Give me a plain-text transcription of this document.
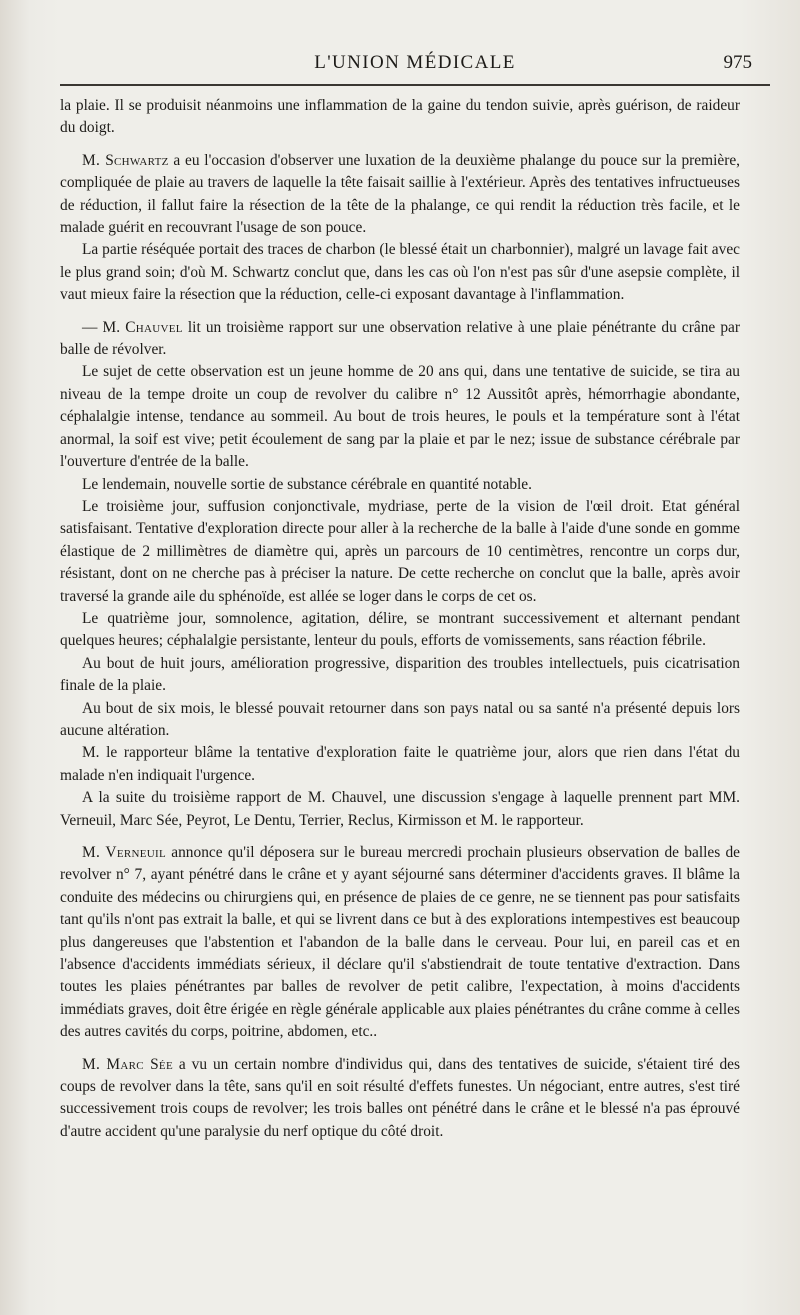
L'UNION MÉDICALE	975

la plaie. Il se produisit néanmoins une inflammation de la gaine du tendon suivie, après guérison, de raideur du doigt.

M. Schwartz a eu l'occasion d'observer une luxation de la deuxième phalange du pouce sur la première, compliquée de plaie au travers de laquelle la tête faisait saillie à l'extérieur. Après des tentatives infructueuses de réduction, il fallut faire la résection de la tête de la phalange, ce qui rendit la réduction très facile, et le malade guérit en recouvrant l'usage de son pouce.

La partie réséquée portait des traces de charbon (le blessé était un charbonnier), malgré un lavage fait avec le plus grand soin; d'où M. Schwartz conclut que, dans les cas où l'on n'est pas sûr d'une asepsie complète, il vaut mieux faire la résection que la réduction, celle-ci exposant davantage à l'inflammation.

— M. Chauvel lit un troisième rapport sur une observation relative à une plaie pénétrante du crâne par balle de révolver.

Le sujet de cette observation est un jeune homme de 20 ans qui, dans une tentative de suicide, se tira au niveau de la tempe droite un coup de revolver du calibre n° 12 Aussitôt après, hémorrhagie abondante, céphalalgie intense, tendance au sommeil. Au bout de trois heures, le pouls et la température sont à l'état anormal, la soif est vive; petit écoulement de sang par la plaie et par le nez; issue de substance cérébrale par l'ouverture d'entrée de la balle.

Le lendemain, nouvelle sortie de substance cérébrale en quantité notable.

Le troisième jour, suffusion conjonctivale, mydriase, perte de la vision de l'œil droit. Etat général satisfaisant. Tentative d'exploration directe pour aller à la recherche de la balle à l'aide d'une sonde en gomme élastique de 2 millimètres de diamètre qui, après un parcours de 10 centimètres, rencontre un corps dur, résistant, dont on ne cherche pas à préciser la nature. De cette recherche on conclut que la balle, après avoir traversé la grande aile du sphénoïde, est allée se loger dans le corps de cet os.

Le quatrième jour, somnolence, agitation, délire, se montrant successivement et alternant pendant quelques heures; céphalalgie persistante, lenteur du pouls, efforts de vomissements, sans réaction fébrile.

Au bout de huit jours, amélioration progressive, disparition des troubles intellectuels, puis cicatrisation finale de la plaie.

Au bout de six mois, le blessé pouvait retourner dans son pays natal ou sa santé n'a présenté depuis lors aucune altération.

M. le rapporteur blâme la tentative d'exploration faite le quatrième jour, alors que rien dans l'état du malade n'en indiquait l'urgence.

A la suite du troisième rapport de M. Chauvel, une discussion s'engage à laquelle prennent part MM. Verneuil, Marc Sée, Peyrot, Le Dentu, Terrier, Reclus, Kirmisson et M. le rapporteur.

M. Verneuil annonce qu'il déposera sur le bureau mercredi prochain plusieurs observation de balles de revolver n° 7, ayant pénétré dans le crâne et y ayant séjourné sans déterminer d'accidents graves. Il blâme la conduite des médecins ou chirurgiens qui, en présence de plaies de ce genre, ne se tiennent pas pour satisfaits tant qu'ils n'ont pas extrait la balle, et qui se livrent dans ce but à des explorations intempestives est beaucoup plus dangereuses que l'abstention et l'abandon de la balle dans le cerveau. Pour lui, en pareil cas et en l'absence d'accidents immédiats sérieux, il déclare qu'il s'abstiendrait de toute tentative d'extraction. Dans toutes les plaies pénétrantes par balles de revolver de petit calibre, l'expectation, à moins d'accidents immédiats graves, doit être érigée en règle générale applicable aux plaies pénétrantes du crâne comme à celles des autres cavités du corps, poitrine, abdomen, etc..

M. Marc Sée a vu un certain nombre d'individus qui, dans des tentatives de suicide, s'étaient tiré des coups de revolver dans la tête, sans qu'il en soit résulté d'effets funestes. Un négociant, entre autres, s'est tiré successivement trois coups de revolver; les trois balles ont pénétré dans le crâne et le blessé n'a pas éprouvé d'autre accident qu'une paralysie du nerf optique du côté droit.
